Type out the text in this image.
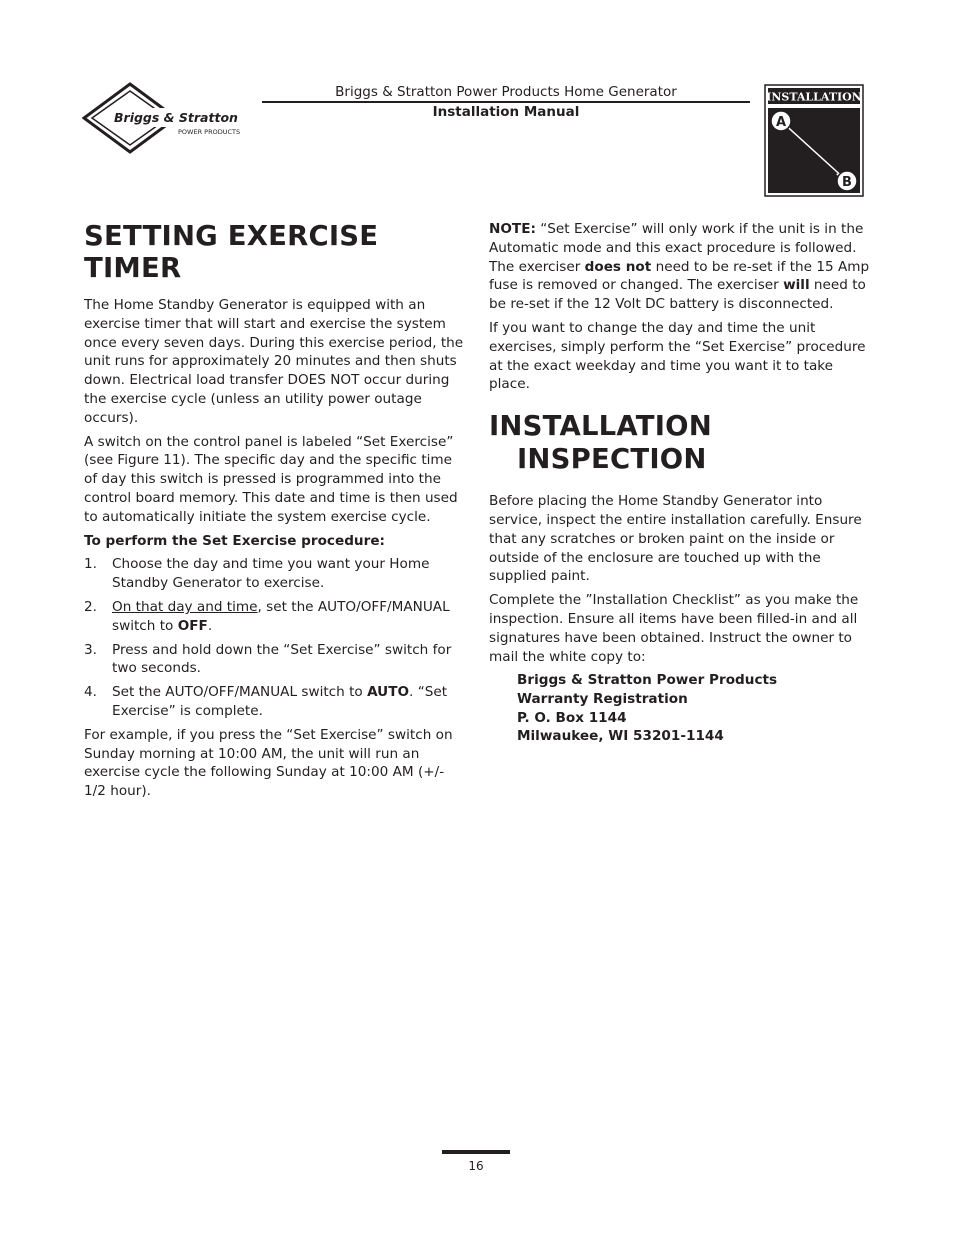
Briggs & Stratton
POWER PRODUCTS
Briggs & Stratton Power Products Home Generator
Installation Manual
INSTALLATION
A
B
SETTING EXERCISE TIMER

The Home Standby Generator is equipped with an exercise timer that will start and exercise the system once every seven days. During this exercise period, the unit runs for approximately 20 minutes and then shuts down. Electrical load transfer DOES NOT occur during the exercise cycle (unless an utility power outage occurs).

A switch on the control panel is labeled “Set Exercise” (see Figure 11). The specific day and the specific time of day this switch is pressed is programmed into the control board memory. This date and time is then used to automatically initiate the system exercise cycle.

To perform the Set Exercise procedure:

1. Choose the day and time you want your Home Standby Generator to exercise.
2. On that day and time, set the AUTO/OFF/MANUAL switch to OFF.
3. Press and hold down the “Set Exercise” switch for two seconds.
4. Set the AUTO/OFF/MANUAL switch to AUTO. “Set Exercise” is complete.

For example, if you press the “Set Exercise” switch on Sunday morning at 10:00 AM, the unit will run an exercise cycle the following Sunday at 10:00 AM (+/- 1/2 hour).

NOTE: “Set Exercise” will only work if the unit is in the Automatic mode and this exact procedure is followed. The exerciser does not need to be re-set if the 15 Amp fuse is removed or changed. The exerciser will need to be re-set if the 12 Volt DC battery is disconnected.

If you want to change the day and time the unit exercises, simply perform the “Set Exercise” procedure at the exact weekday and time you want it to take place.

INSTALLATION
INSPECTION

Before placing the Home Standby Generator into service, inspect the entire installation carefully. Ensure that any scratches or broken paint on the inside or outside of the enclosure are touched up with the supplied paint.

Complete the ”Installation Checklist” as you make the inspection. Ensure all items have been filled-in and all signatures have been obtained. Instruct the owner to mail the white copy to:

Briggs & Stratton Power Products
Warranty Registration
P. O. Box 1144
Milwaukee, WI 53201-1144
16
